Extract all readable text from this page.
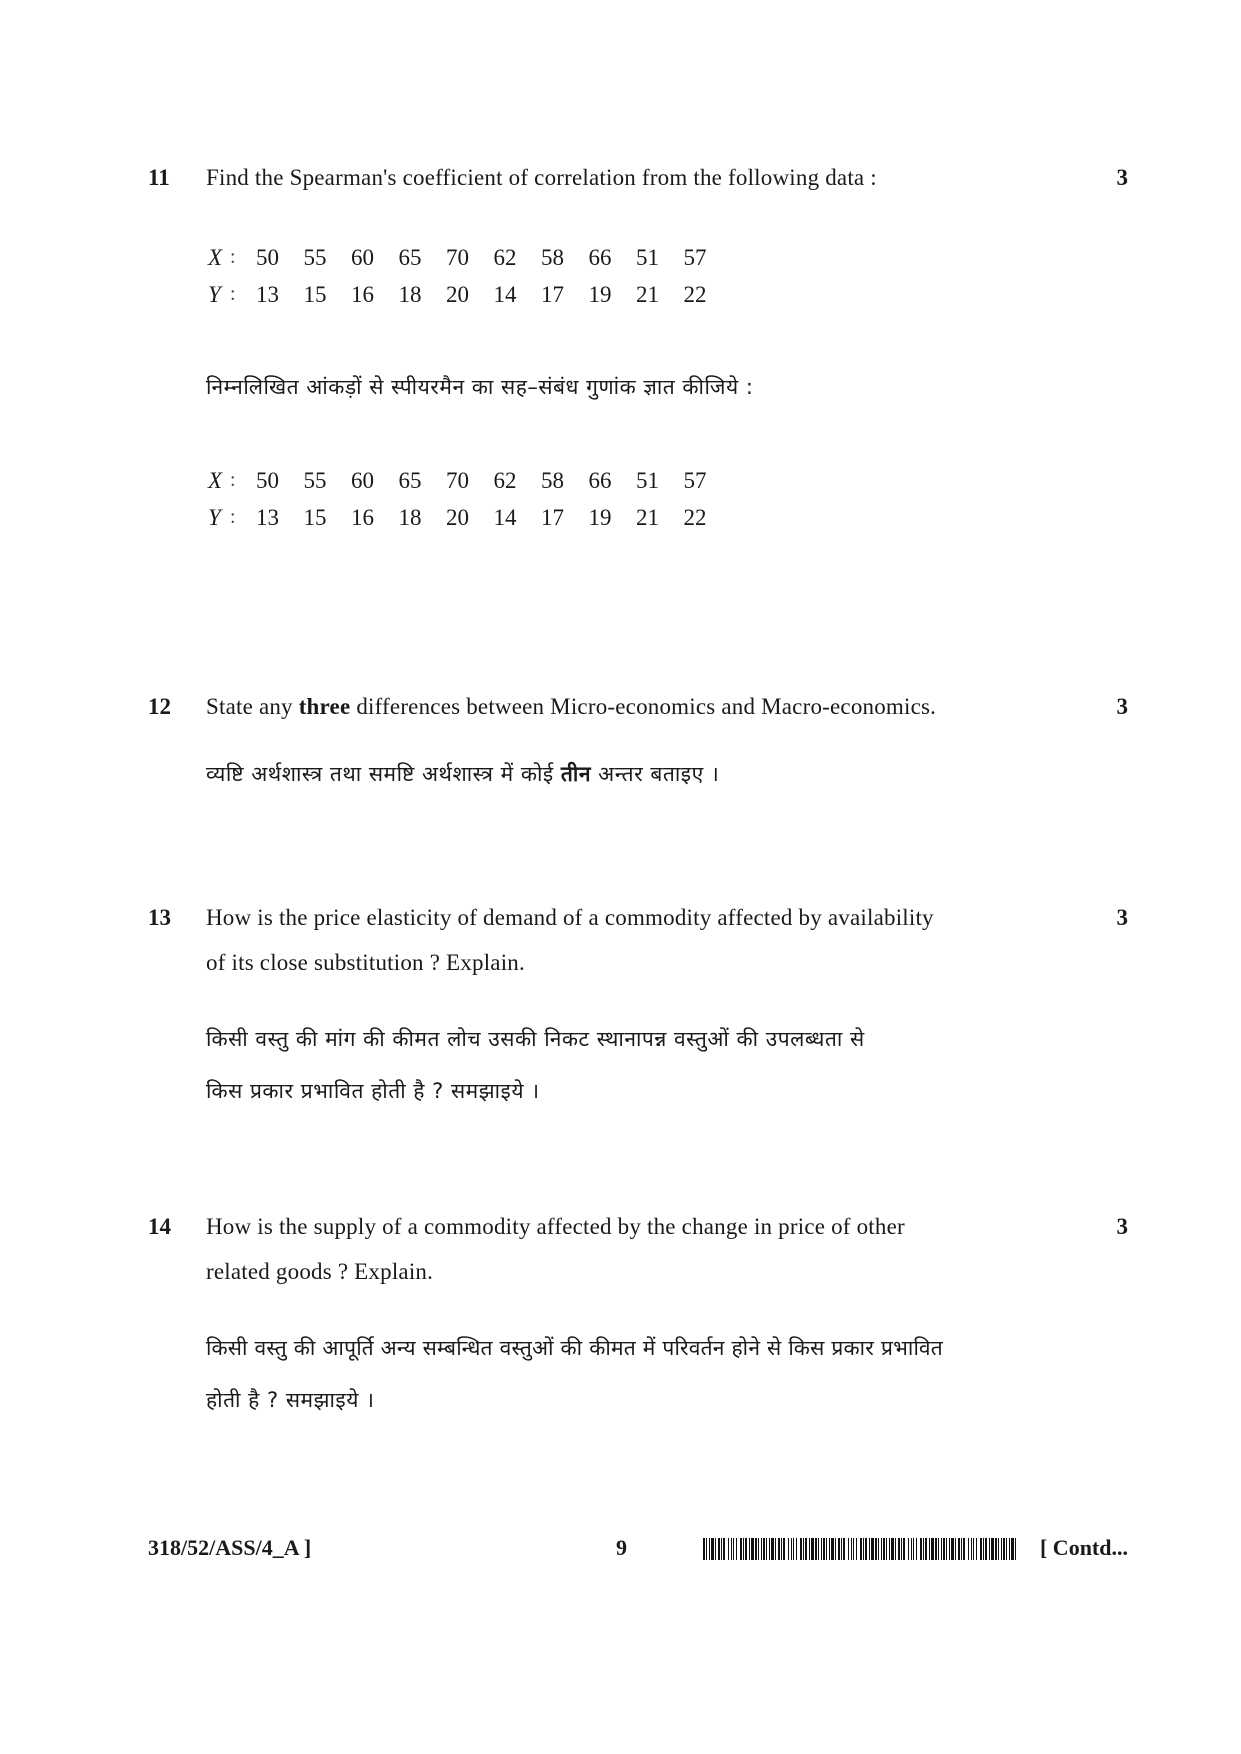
11	3
Find the Spearman's coefficient of correlation from the following data :
X	:	50	55	60	65	70	62	58	66	51	57
Y	:	13	15	16	18	20	14	17	19	21	22
निम्नलिखित आंकड़ों से स्पीयरमैन का सह–संबंध गुणांक ज्ञात कीजिये :
X	:	50	55	60	65	70	62	58	66	51	57
Y	:	13	15	16	18	20	14	17	19	21	22
12	3
State any three differences between Micro-economics and Macro-economics.
व्यष्टि अर्थशास्त्र तथा समष्टि अर्थशास्त्र में कोई तीन अन्तर बताइए ।
13	3
How is the price elasticity of demand of a commodity affected by availability
of its close substitution ? Explain.
किसी वस्तु की मांग की कीमत लोच उसकी निकट स्थानापन्न वस्तुओं की उपलब्धता से
किस प्रकार प्रभावित होती है ? समझाइये ।
14	3
How is the supply of a commodity affected by the change in price of other
related goods ? Explain.
किसी वस्तु की आपूर्ति अन्य सम्बन्धित वस्तुओं की कीमत में परिवर्तन होने से किस प्रकार प्रभावित
होती है ? समझाइये ।
318/52/ASS/4_A ]	9	[ Contd...
